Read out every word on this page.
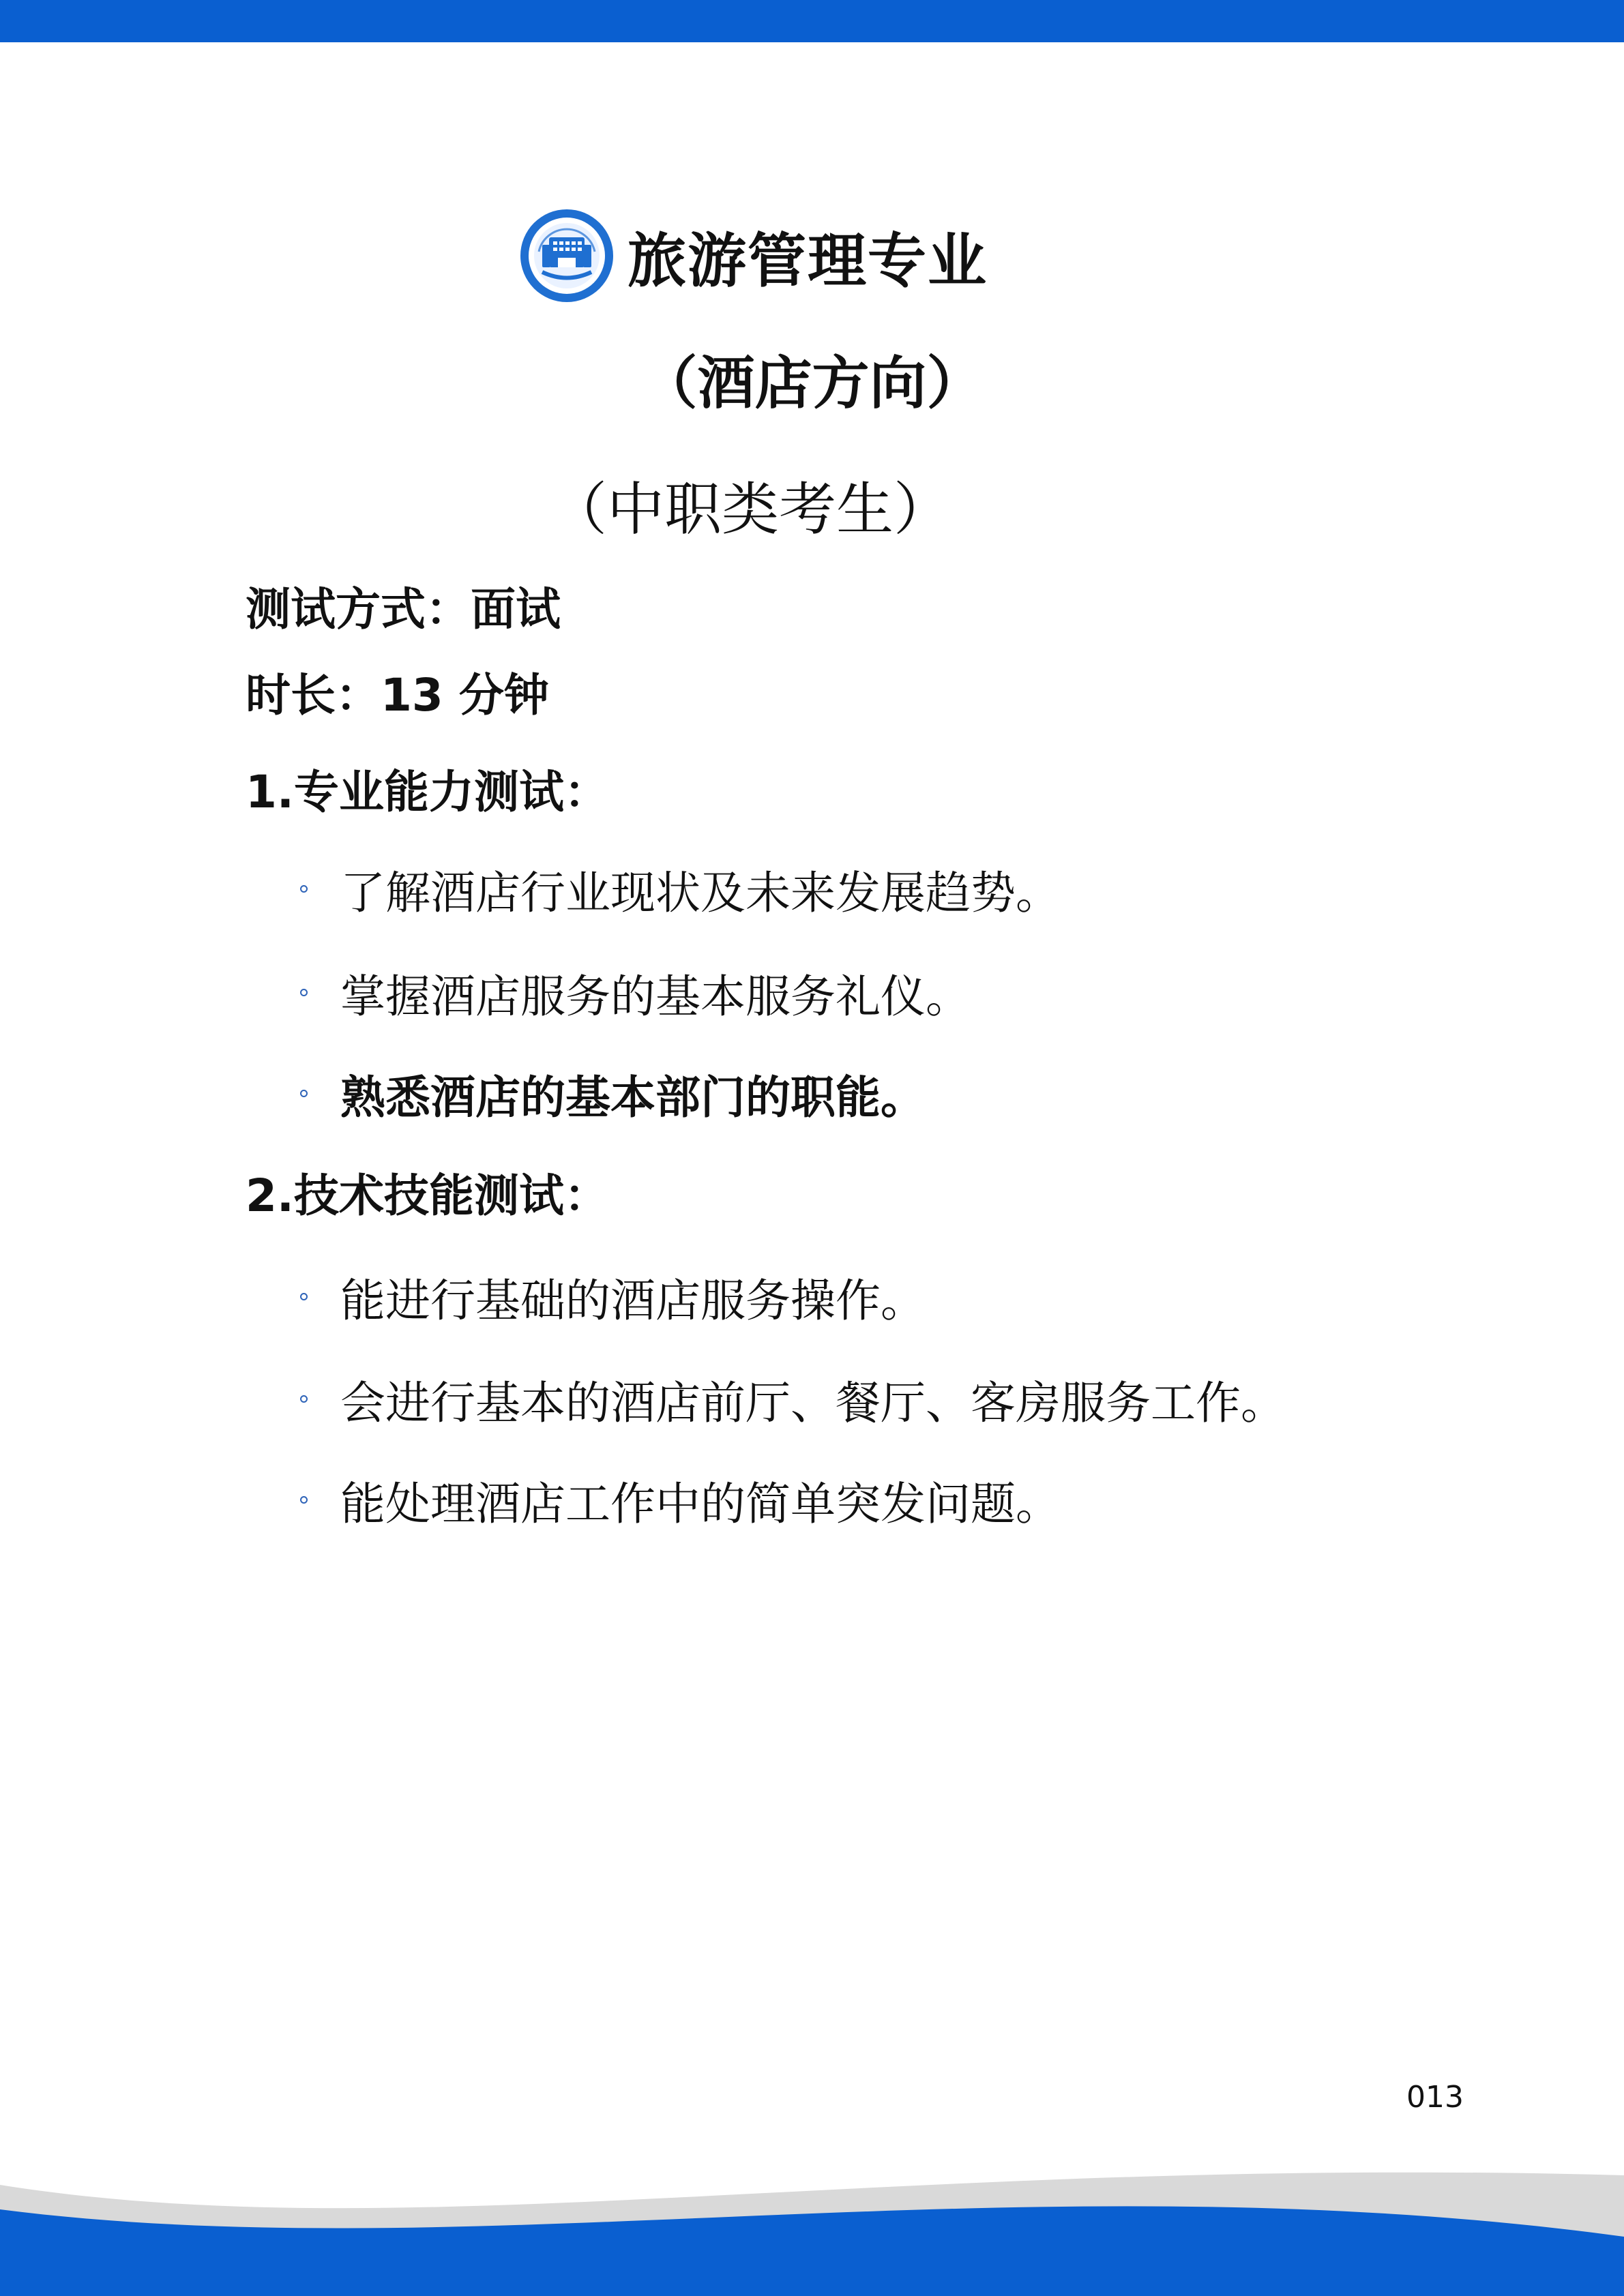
旅游管理专业
（酒店方向）
（中职类考生）
测试方式：面试
时长：13 分钟
1.专业能力测试：
了解酒店行业现状及未来发展趋势。
掌握酒店服务的基本服务礼仪。
熟悉酒店的基本部门的职能。
2.技术技能测试：
能进行基础的酒店服务操作。
会进行基本的酒店前厅、餐厅、客房服务工作。
能处理酒店工作中的简单突发问题。
013
